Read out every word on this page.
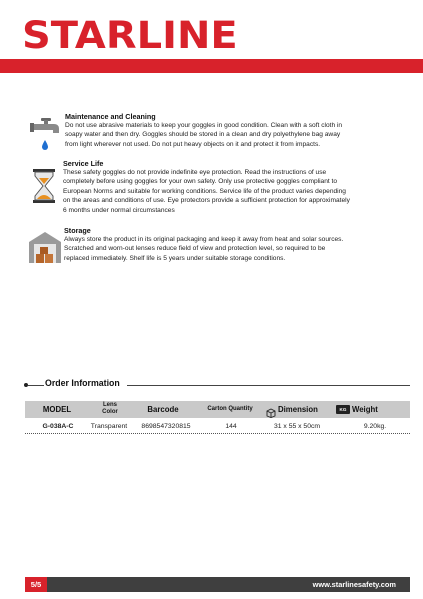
STARLINE
Maintenance and Cleaning
Do not use abrasive materials to keep your goggles in good condition. Clean with a soft cloth in
soapy water and then dry. Goggles should be stored in a clean and dry polyethylene bag away
from light wherever not used. Do not put heavy objects on it and protect it from impacts.
Service Life
These safety goggles do not provide indefinite eye protection. Read the instructions of use
completely before using goggles for your own safety. Only use protective goggles compliant to
European Norms and suitable for working conditions. Service life of the product varies depending
on the areas and conditions of use. Eye protectors provide a sufficient protection for approximately
6 months under normal circumstances
Storage
Always store the product in its original packaging and keep it away from heat and solar sources.
Scratched and worn-out lenses reduce field of view and protection level, so required to be
replaced immediately. Shelf life is 5 years under suitable storage conditions.
Order Information
MODEL	Lens Color	Barcode	Carton Quantity	Dimension	KG Weight
G-038A-C	Transparent	8698547320815	144	31 x 55 x 50cm	9.20kg.
5/5	www.starlinesafety.com
